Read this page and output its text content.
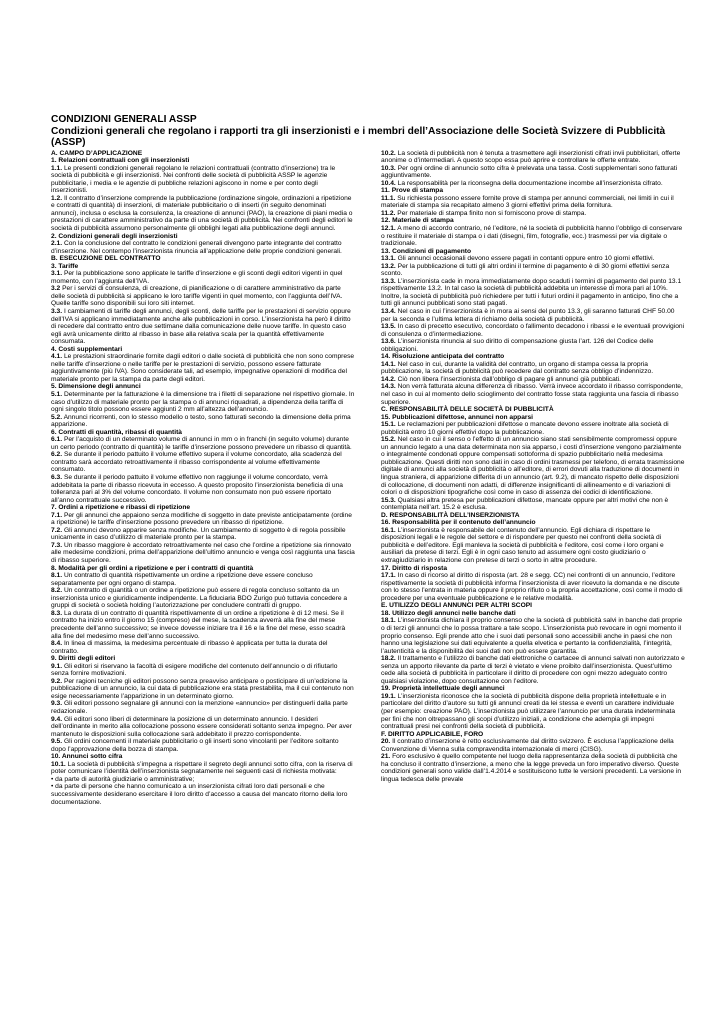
CONDIZIONI GENERALI ASSP
Condizioni generali che regolano i rapporti tra gli inserzionisti e i membri dell’Associazione delle Società Svizzere di Pubblicità (ASSP)

A. CAMPO D’APPLICAZIONE

1. Relazioni contrattuali con gli inserzionisti

1.1. Le presenti condizioni generali regolano le relazioni contrattuali (contratto d’inserzione) tra le società di pubblicità e gli inserzionisti. Nei confronti delle società di pubblicità ASSP le agenzie pubblicitarie, i media e le agenzie di pubbliche relazioni agiscono in nome e per conto degli inserzionisti.

1.2. Il contratto d’inserzione comprende la pubblicazione (ordinazione singole, ordinazioni a ripetizione e contratti di quantità) di inserzioni, di materiale pubblicitario o di inserti (in seguito denominati annunci), inclusa o esclusa la consulenza, la creazione di annunci (PAO), la creazione di piani media o prestazioni di carattere amministrativo da parte di una società di pubblicità. Nei confronti degli editori le società di pubblicità assumono personalmente gli obblighi legati alla pubblicazione degli annunci.

2. Condizioni generali degli inserzionisti

2.1. Con la conclusione del contratto le condizioni generali divengono parte integrante del contratto d’inserzione. Nel contempo l’inserzionista rinuncia all’applicazione delle proprie condizioni generali.

B. ESECUZIONE DEL CONTRATTO

3. Tariffe

3.1. Per la pubblicazione sono applicate le tariffe d’inserzione e gli sconti degli editori vigenti in quel momento, con l’aggiunta dell’IVA.

3.2 Per i servizi di consulenza, di creazione, di pianificazione o di carattere amministrativo da parte delle società di pubblicità si applicano le loro tariffe vigenti in quel momento, con l’aggiunta dell’IVA. Quelle tariffe sono disponibili sui loro siti internet.

3.3. I cambiamenti di tariffe degli annunci, degli sconti, delle tariffe per le prestazioni di servizio oppure dell’IVA si applicano immediatamente anche alle pubblicazioni in corso. L’inserzionista ha però il diritto di recedere dal contratto entro due settimane dalla comunicazione delle nuove tariffe. In questo caso egli avrà unicamente diritto al ribasso in base alla relativa scala per la quantità effettivamente consumata.

4. Costi supplementari

4.1. Le prestazioni straordinarie fornite dagli editori o dalle società di pubblicità che non sono comprese nelle tariffe d’inserzione o nelle tariffe per le prestazioni di servizio, possono essere fatturate aggiuntivamente (più IVA). Sono considerate tali, ad esempio, impegnative operazioni di modifica del materiale pronto per la stampa da parte degli editori.

5. Dimensione degli annunci

5.1. Determinante per la fatturazione è la dimensione tra i filetti di separazione nel rispettivo giornale. In caso d’utilizzo di materiale pronto per la stampa o di annunci riquadrati, a dipendenza della tariffa di ogni singolo titolo possono essere aggiunti 2 mm all’altezza dell’annuncio.

5.2. Annunci ricorrenti, con lo stesso modello o testo, sono fatturati secondo la dimensione della prima apparizione.

6. Contratti di quantità, ribassi di quantità

6.1. Per l’acquisto di un determinato volume di annunci in mm o in franchi (in seguito volume) durante un certo periodo (contratto di quantità) le tariffe d’inserzione possono prevedere un ribasso di quantità.

6.2. Se durante il periodo pattuito il volume effettivo supera il volume concordato, alla scadenza del contratto sarà accordato retroattivamente il ribasso corrispondente al volume effettivamente consumato.

6.3. Se durante il periodo pattuito il volume effettivo non raggiunge il volume concordato, verrà addebitata la parte di ribasso ricevuta in eccesso. A questo proposito l’inserzionista beneficia di una tolleranza pari al 3% del volume concordato. Il volume non consumato non può essere riportato all’anno contrattuale successivo.

7. Ordini a ripetizione e ribassi di ripetizione

7.1. Per gli annunci che appaiono senza modifiche di soggetto in date previste anticipatamente (ordine a ripetizione) le tariffe d’inserzione possono prevedere un ribasso di ripetizione.

7.2. Gli annunci devono apparire senza modifiche. Un cambiamento di soggetto è di regola possibile unicamente in caso d’utilizzo di materiale pronto per la stampa.

7.3. Un ribasso maggiore è accordato retroattivamente nel caso che l’ordine a ripetizione sia rinnovato alle medesime condizioni, prima dell’apparizione dell’ultimo annuncio e venga così raggiunta una fascia di ribasso superiore.

8. Modalità per gli ordini a ripetizione e per i contratti di quantità

8.1. Un contratto di quantità rispettivamente un ordine a ripetizione deve essere concluso separatamente per ogni organo di stampa.

8.2. Un contratto di quantità o un ordine a ripetizione può essere di regola concluso soltanto da un inserzionista unico e giuridicamente indipendente. La fiduciaria BDO Zurigo può tuttavia concedere a gruppi di società o società holding l’autorizzazione per concludere contratti di gruppo.

8.3. La durata di un contratto di quantità rispettivamente di un ordine a ripetizione è di 12 mesi. Se il contratto ha inizio entro il giorno 15 (compreso) del mese, la scadenza avverrà alla fine del mese precedente dell’anno successivo; se invece dovesse iniziare tra il 16 e la fine del mese, esso scadrà alla fine del medesimo mese dell’anno successivo.

8.4. In linea di massima, la medesima percentuale di ribasso è applicata per tutta la durata del contratto.

9. Diritti degli editori

9.1. Gli editori si riservano la facoltà di esigere modifiche del contenuto dell’annuncio o di rifiutarlo senza fornire motivazioni.

9.2. Per ragioni tecniche gli editori possono senza preavviso anticipare o posticipare di un’edizione la pubblicazione di un annuncio, la cui data di pubblicazione era stata prestabilita, ma il cui contenuto non esige necessariamente l’apparizione in un determinato giorno.

9.3. Gli editori possono segnalare gli annunci con la menzione «annuncio» per distinguerli dalla parte redazionale.

9.4. Gli editori sono liberi di determinare la posizione di un determinato annuncio. I desideri dell’ordinante in merito alla collocazione possono essere considerati soltanto senza impegno. Per aver mantenuto le disposizioni sulla collocazione sarà addebitato il prezzo corrispondente.

9.5. Gli ordini concernenti il materiale pubblicitario o gli inserti sono vincolanti per l’editore soltanto dopo l’approvazione della bozza di stampa.

10. Annunci sotto cifra

10.1. La società di pubblicità s’impegna a rispettare il segreto degli annunci sotto cifra, con la riserva di poter comunicare l’identità dell’inserzionista segnatamente nei seguenti casi di richiesta motivata:

• da parte di autorità giudiziarie o amministrative;

• da parte di persone che hanno comunicato a un inserzionista cifrati loro dati personali e che successivamente desiderano esercitare il loro diritto d’accesso a causa del mancato ritorno della loro documentazione.

10.2. La società di pubblicità non è tenuta a trasmettere agli inserzionisti cifrati invii pubblicitari, offerte anonime o d’intermediari. A questo scopo essa può aprire e controllare le offerte entrate.

10.3. Per ogni ordine di annuncio sotto cifra è prelevata una tassa. Costi supplementari sono fatturati aggiuntivamente.

10.4. La responsabilità per la riconsegna della documentazione incombe all’inserzionista cifrato.

11. Prove di stampa

11.1. Su richiesta possono essere fornite prove di stampa per annunci commerciali, nei limiti in cui il materiale di stampa sia recapitato almeno 3 giorni effettivi prima della fornitura.

11.2. Per materiale di stampa finito non si forniscono prove di stampa.

12. Materiale di stampa

12.1. A meno di accordo contrario, né l’editore, né la società di pubblicità hanno l’obbligo di conservare o restituire il materiale di stampa o i dati (disegni, film, fotografie, ecc.) trasmessi per via digitale o tradizionale.

13. Condizioni di pagamento

13.1. Gli annunci occasionali devono essere pagati in contanti oppure entro 10 giorni effettivi.

13.2. Per la pubblicazione di tutti gli altri ordini il termine di pagamento è di 30 giorni effettivi senza sconto.

13.3. L’inserzionista cade in mora immediatamente dopo scaduti i termini di pagamento del punto 13.1 rispettivamente 13.2. In tal caso la società di pubblicità addebita un interesse di mora pari al 10%. Inoltre, la società di pubblicità può richiedere per tutti i futuri ordini il pagamento in anticipo, fino che a tutti gli annunci pubblicati sono stati pagati.

13.4. Nel caso in cui l’inserzionista è in mora ai sensi del punto 13.3, gli saranno fatturati CHF 50.00 per la seconda e l’ultima lettera di richiamo della società di pubblicità.

13.5. In caso di precetto esecutivo, concordato o fallimento decadono i ribassi e le eventuali provvigioni di consulenza o d’intermediazione.

13.6. L’inserzionista rinuncia al suo diritto di compensazione giusta l’art. 126 del Codice delle obbligazioni.

14. Risoluzione anticipata del contratto

14.1. Nel caso in cui, durante la validità del contratto, un organo di stampa cessa la propria pubblicazione, la società di pubblicità può recedere dal contratto senza obbligo d’indennizzo.

14.2. Ciò non libera l’inserzionista dall’obbligo di pagare gli annunci già pubblicati.

14.3. Non verrà fatturata alcuna differenza di ribasso. Verrà invece accordato il ribasso corrispondente, nel caso in cui al momento dello scioglimento del contratto fosse stata raggiunta una fascia di ribasso superiore.

C. RESPONSABILITÀ DELLE SOCIETÀ DI PUBBLICITÀ

15. Pubblicazioni difettose, annunci non apparsi

15.1. Le reclamazioni per pubblicazioni difettose o mancate devono essere inoltrate alla società di pubblicità entro 10 giorni effettivi dopo la pubblicazione.

15.2. Nel caso in cui il senso o l’effetto di un annuncio siano stati sensibilmente compromessi oppure un annuncio legato a una data determinata non sia apparso, i costi d’inserzione vengono parzialmente o integralmente condonati oppure compensati sottoforma di spazio pubblicitario nella medesima pubblicazione. Questi diritti non sono dati in caso di ordini trasmessi per telefono, di errata trasmissione digitale di annunci alla società di pubblicità o all’editore, di errori dovuti alla traduzione di documenti in lingua straniera, di apparizione differita di un annuncio (art. 9.2), di mancato rispetto delle disposizioni di collocazione, di documenti non adatti, di differenze insignificanti di allineamento e di variazioni di colori o di disposizioni tipografiche così come in caso di assenza dei codici di identificazione.

15.3. Qualsiasi altra pretesa per pubblicazioni difettose, mancate oppure per altri motivi che non è contemplata nell’art. 15.2 è esclusa.

D. RESPONSABILITÀ DELL’INSERZIONISTA

16. Responsabilità per il contenuto dell’annuncio

16.1. L’inserzionista è responsabile del contenuto dell’annuncio. Egli dichiara di rispettare le disposizioni legali e le regole del settore e di rispondere per questo nei confronti della società di pubblicità e dell’editore. Egli manleva la società di pubblicità e l’editore, così come i loro organi e ausiliari da pretese di terzi. Egli è in ogni caso tenuto ad assumere ogni costo giudiziario o extragiudiziario in relazione con pretese di terzi o sorto in altre procedure.

17. Diritto di risposta

17.1. In caso di ricorso al diritto di risposta (art. 28 e segg. CC) nei confronti di un annuncio, l’editore rispettivamente la società di pubblicità informa l’inserzionista di aver ricevuto la domanda e ne discute con lo stesso l’entrata in materia oppure il proprio rifiuto o la propria accettazione, così come il modo di procedere per una eventuale pubblicazione e le relative modalità.

E. UTILIZZO DEGLI ANNUNCI PER ALTRI SCOPI

18. Utilizzo degli annunci nelle banche dati

18.1. L’inserzionista dichiara il proprio consenso che la società di pubblicità salvi in banche dati proprie o di terzi gli annunci che lo possa trattare a tale scopo. L’inserzionista può revocare in ogni momento il proprio consenso. Egli prende atto che i suoi dati personali sono accessibili anche in paesi che non hanno una legislazione sui dati equivalente a quella elvetica e pertanto la confidenzialità, l’integrità, l’autenticità e la disponibilità dei suoi dati non può essere garantita.

18.2. Il trattamento e l’utilizzo di banche dati elettroniche o cartacee di annunci salvati non autorizzato e senza un apporto rilevante da parte di terzi è vietato e viene proibito dall’inserzionista. Quest’ultimo cede alla società di pubblicità in particolare il diritto di procedere con ogni mezzo adeguato contro qualsiasi violazione, dopo consultazione con l’editore.

19. Proprietà intellettuale degli annunci

19.1. L’inserzionista riconosce che la società di pubblicità dispone della proprietà intellettuale e in particolare del diritto d’autore su tutti gli annunci creati da lei stessa e eventi un carattere individuale (per esempio: creazione PAO). L’inserzionista può utilizzare l’annuncio per una durata indeterminata per fini che non oltrepassano gli scopi d’utilizzo iniziali, a condizione che adempia gli impegni contrattuali presi nei confronti della società di pubblicità.

F. DIRITTO APPLICABILE, FORO

20. Il contratto d’inserzione è retto esclusivamente dal diritto svizzero. È esclusa l’applicazione della Convenzione di Vienna sulla compravendita internazionale di merci (CISG).

21. Foro esclusivo è quello competente nel luogo della rappresentanza della società di pubblicità che ha concluso il contratto d’inserzione, a meno che la legge preveda un foro imperativo diverso. Queste condizioni generali sono valide dall’1.4.2014 e sostituiscono tutte le versioni precedenti. La versione in lingua tedesca delle prevale
